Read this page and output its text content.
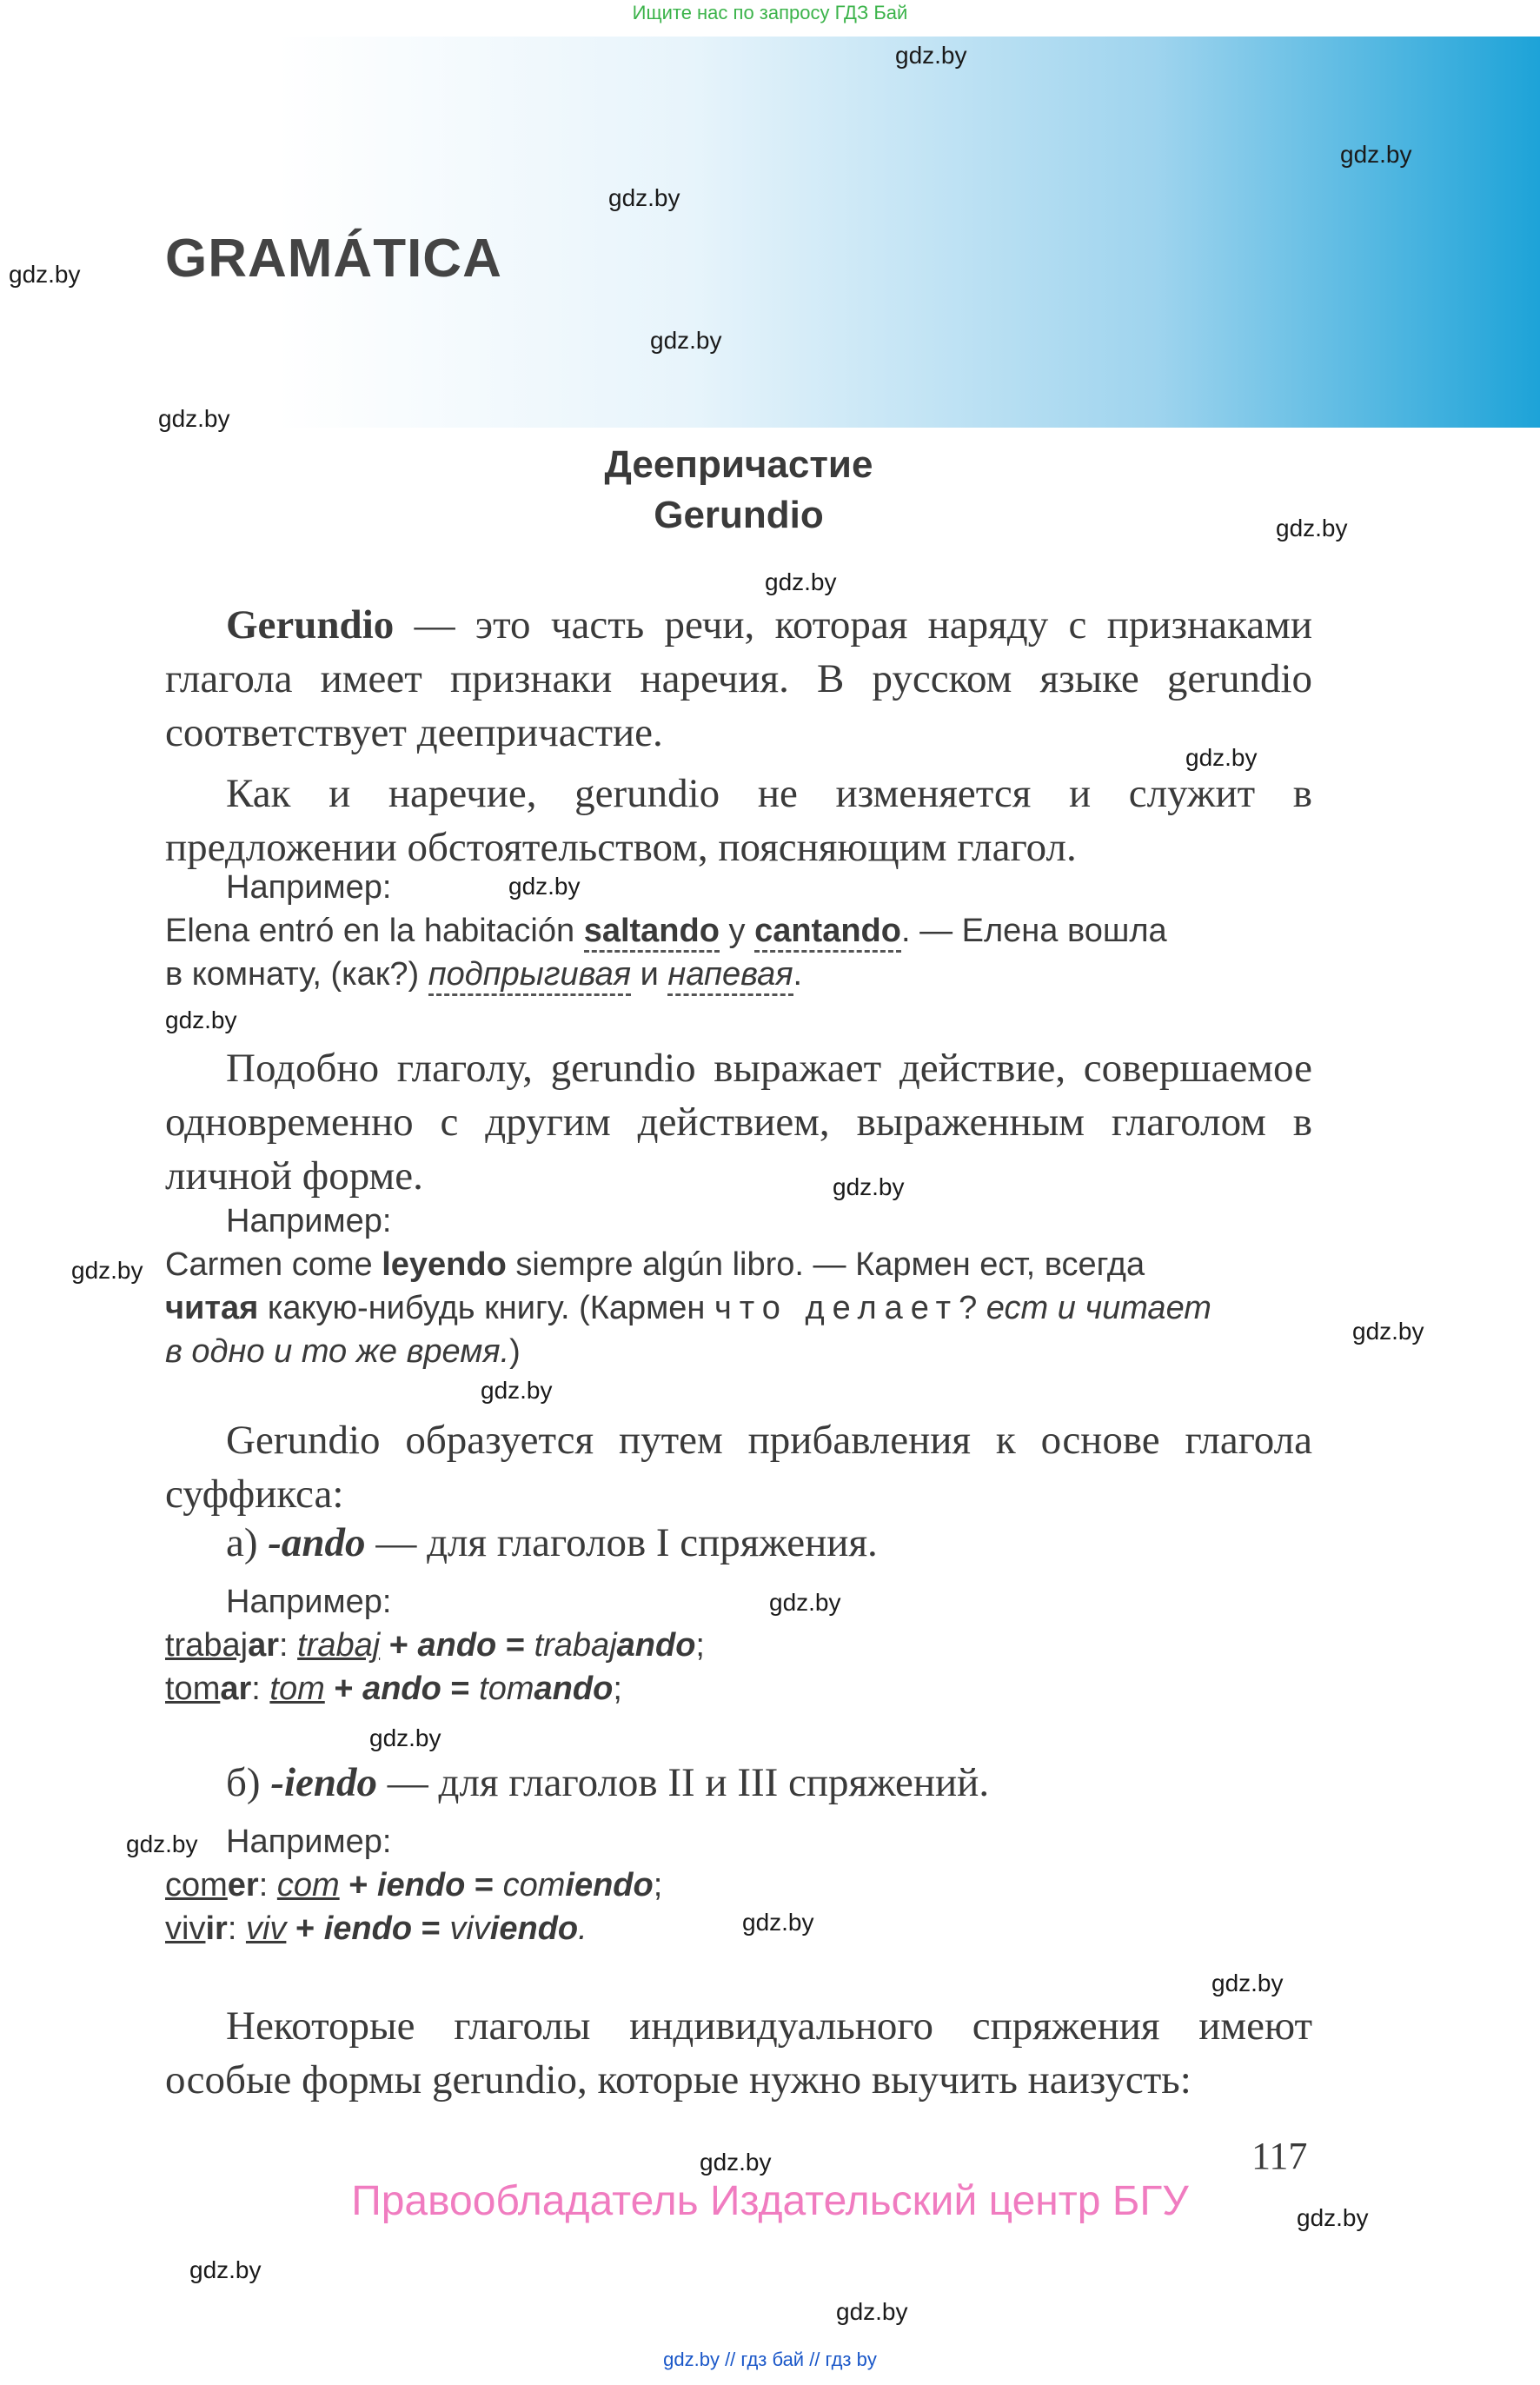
Ищите нас по запросу ГДЗ Бай
GRAMÁTICA
gdz.by
gdz.by
gdz.by
gdz.by
gdz.by
gdz.by
gdz.by
gdz.by
gdz.by
gdz.by
gdz.by
gdz.by
gdz.by
gdz.by
gdz.by
gdz.by
gdz.by
gdz.by
gdz.by
gdz.by
gdz.by
gdz.by
gdz.by
gdz.by
Деепричастие
Gerundio
Gerundio — это часть речи, которая наряду с признаками глагола имеет признаки наречия. В русском языке gerundio соответствует деепричастие.
Как и наречие, gerundio не изменяется и служит в предложении обстоятельством, поясняющим глагол.
Например:
Elena entró en la habitación saltando y cantando. — Елена вошла
в комнату, (как?) подпрыгивая и напевая.
Подобно глаголу, gerundio выражает действие, совершаемое одновременно с другим действием, выраженным глаголом в личной форме.
Например:
Carmen come leyendo siempre algún libro. — Кармен ест, всегда
читая какую-нибудь книгу. (Кармен что делает? ест и читает
в одно и то же время.)
Gerundio образуется путем прибавления к основе глагола суффикса:
а) -ando — для глаголов I спряжения.
Например:
trabajar: trabaj + ando = trabajando;
tomar: tom + ando = tomando;
б) -iendo — для глаголов II и III спряжений.
Например:
comer: com + iendo = comiendo;
vivir: viv + iendo = viviendo.
Некоторые глаголы индивидуального спряжения имеют особые формы gerundio, которые нужно выучить наизусть:
117
Правообладатель Издательский центр БГУ
gdz.by // гдз бай // гдз by
